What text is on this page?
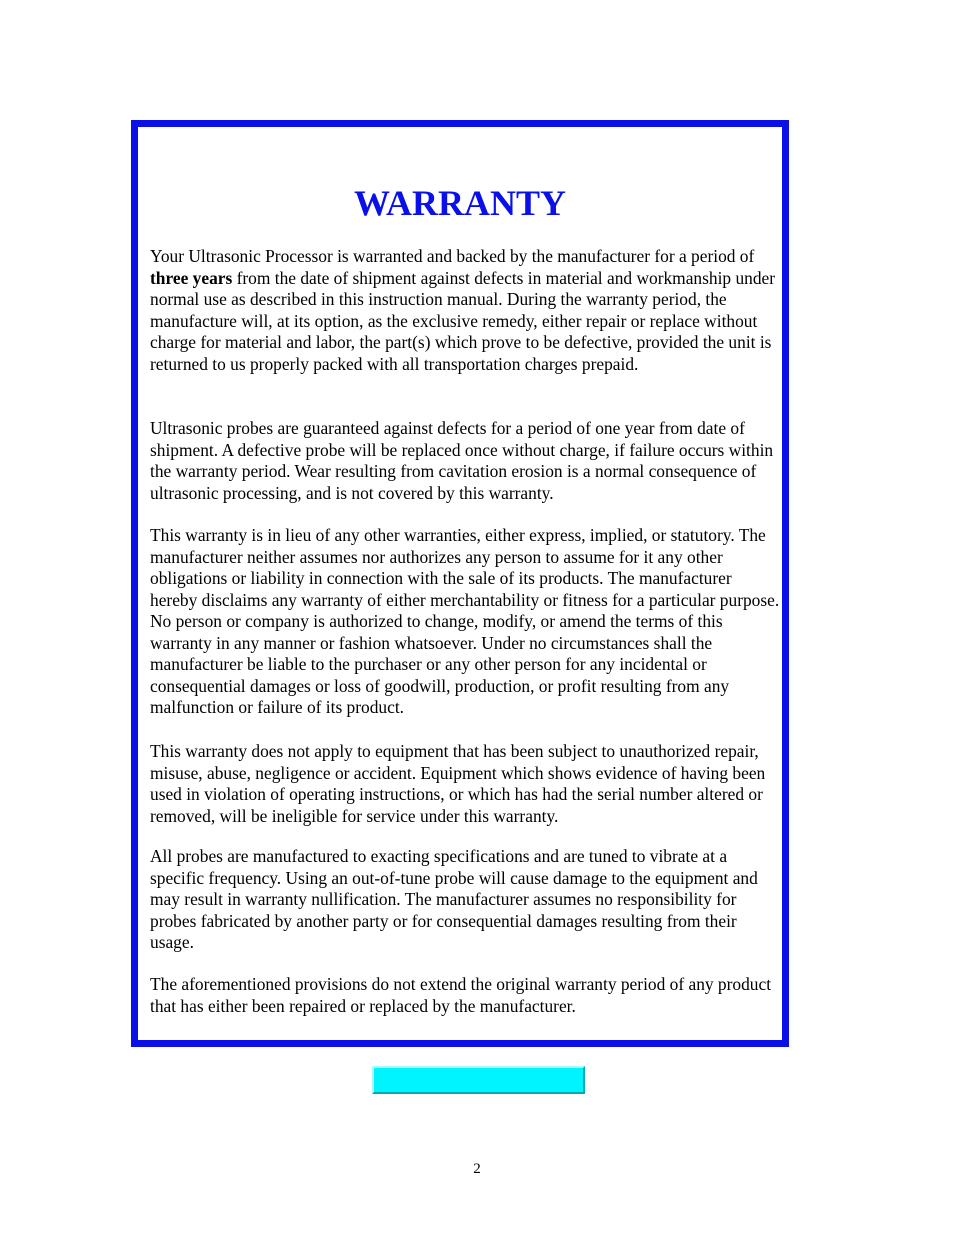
WARRANTY

Your Ultrasonic Processor is warranted and backed by the manufacturer for a period of three years from the date of shipment against defects in material and workmanship under normal use as described in this instruction manual. During the warranty period, the manufacture will, at its option, as the exclusive remedy, either repair or replace without charge for material and labor, the part(s) which prove to be defective, provided the unit is returned to us properly packed with all transportation charges prepaid.

Ultrasonic probes are guaranteed against defects for a period of one year from date of shipment. A defective probe will be replaced once without charge, if failure occurs within the warranty period. Wear resulting from cavitation erosion is a normal consequence of ultrasonic processing, and is not covered by this warranty.

This warranty is in lieu of any other warranties, either express, implied, or statutory. The manufacturer neither assumes nor authorizes any person to assume for it any other obligations or liability in connection with the sale of its products. The manufacturer hereby disclaims any warranty of either merchantability or fitness for a particular purpose. No person or company is authorized to change, modify, or amend the terms of this warranty in any manner or fashion whatsoever. Under no circumstances shall the manufacturer be liable to the purchaser or any other person for any incidental or consequential damages or loss of goodwill, production, or profit resulting from any malfunction or failure of its product.

This warranty does not apply to equipment that has been subject to unauthorized repair, misuse, abuse, negligence or accident. Equipment which shows evidence of having been used in violation of operating instructions, or which has had the serial number altered or removed, will be ineligible for service under this warranty.

All probes are manufactured to exacting specifications and are tuned to vibrate at a specific frequency. Using an out-of-tune probe will cause damage to the equipment and may result in warranty nullification. The manufacturer assumes no responsibility for probes fabricated by another party or for consequential damages resulting from their usage.

The aforementioned provisions do not extend the original warranty period of any product that has either been repaired or replaced by the manufacturer.

2
